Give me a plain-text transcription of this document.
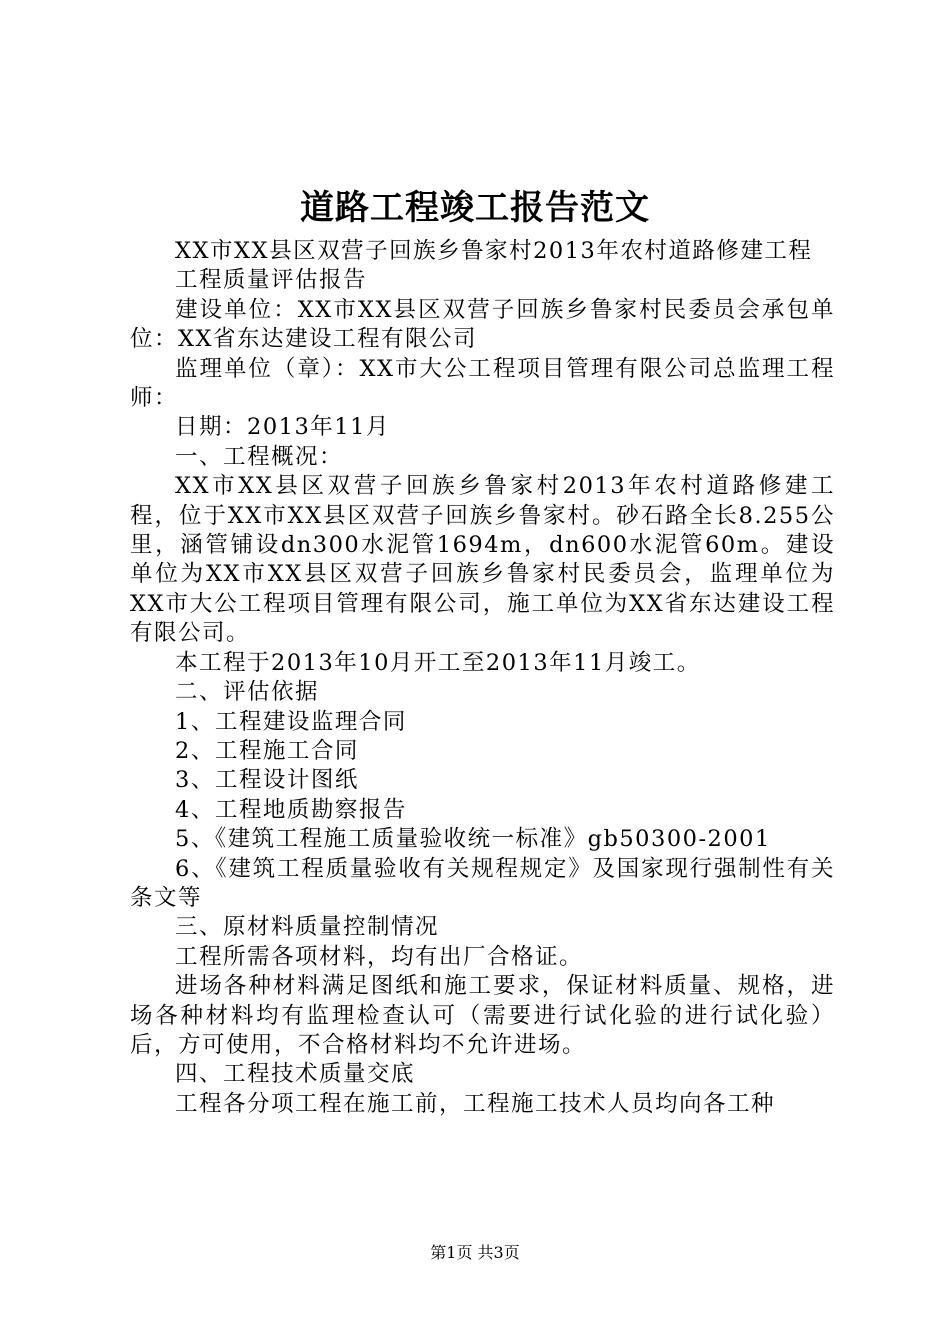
道路工程竣工报告范文

XX市XX县区双营子回族乡鲁家村2013年农村道路修建工程

工程质量评估报告

建设单位：XX市XX县区双营子回族乡鲁家村民委员会承包单位：XX省东达建设工程有限公司

监理单位（章）：XX市大公工程项目管理有限公司总监理工程师：

日期：2013年11月

一、工程概况：

XX市XX县区双营子回族乡鲁家村2013年农村道路修建工程，位于XX市XX县区双营子回族乡鲁家村。砂石路全长8.255公里，涵管铺设dn300水泥管1694m，dn600水泥管60m。建设单位为XX市XX县区双营子回族乡鲁家村民委员会，监理单位为XX市大公工程项目管理有限公司，施工单位为XX省东达建设工程有限公司。

本工程于2013年10月开工至2013年11月竣工。

二、评估依据

1、工程建设监理合同

2、工程施工合同

3、工程设计图纸

4、工程地质勘察报告

5、《建筑工程施工质量验收统一标准》gb50300-2001

6、《建筑工程质量验收有关规程规定》及国家现行强制性有关条文等

三、原材料质量控制情况

工程所需各项材料，均有出厂合格证。

进场各种材料满足图纸和施工要求，保证材料质量、规格，进场各种材料均有监理检查认可（需要进行试化验的进行试化验）后，方可使用，不合格材料均不允许进场。

四、工程技术质量交底

工程各分项工程在施工前，工程施工技术人员均向各工种

第1页 共3页
